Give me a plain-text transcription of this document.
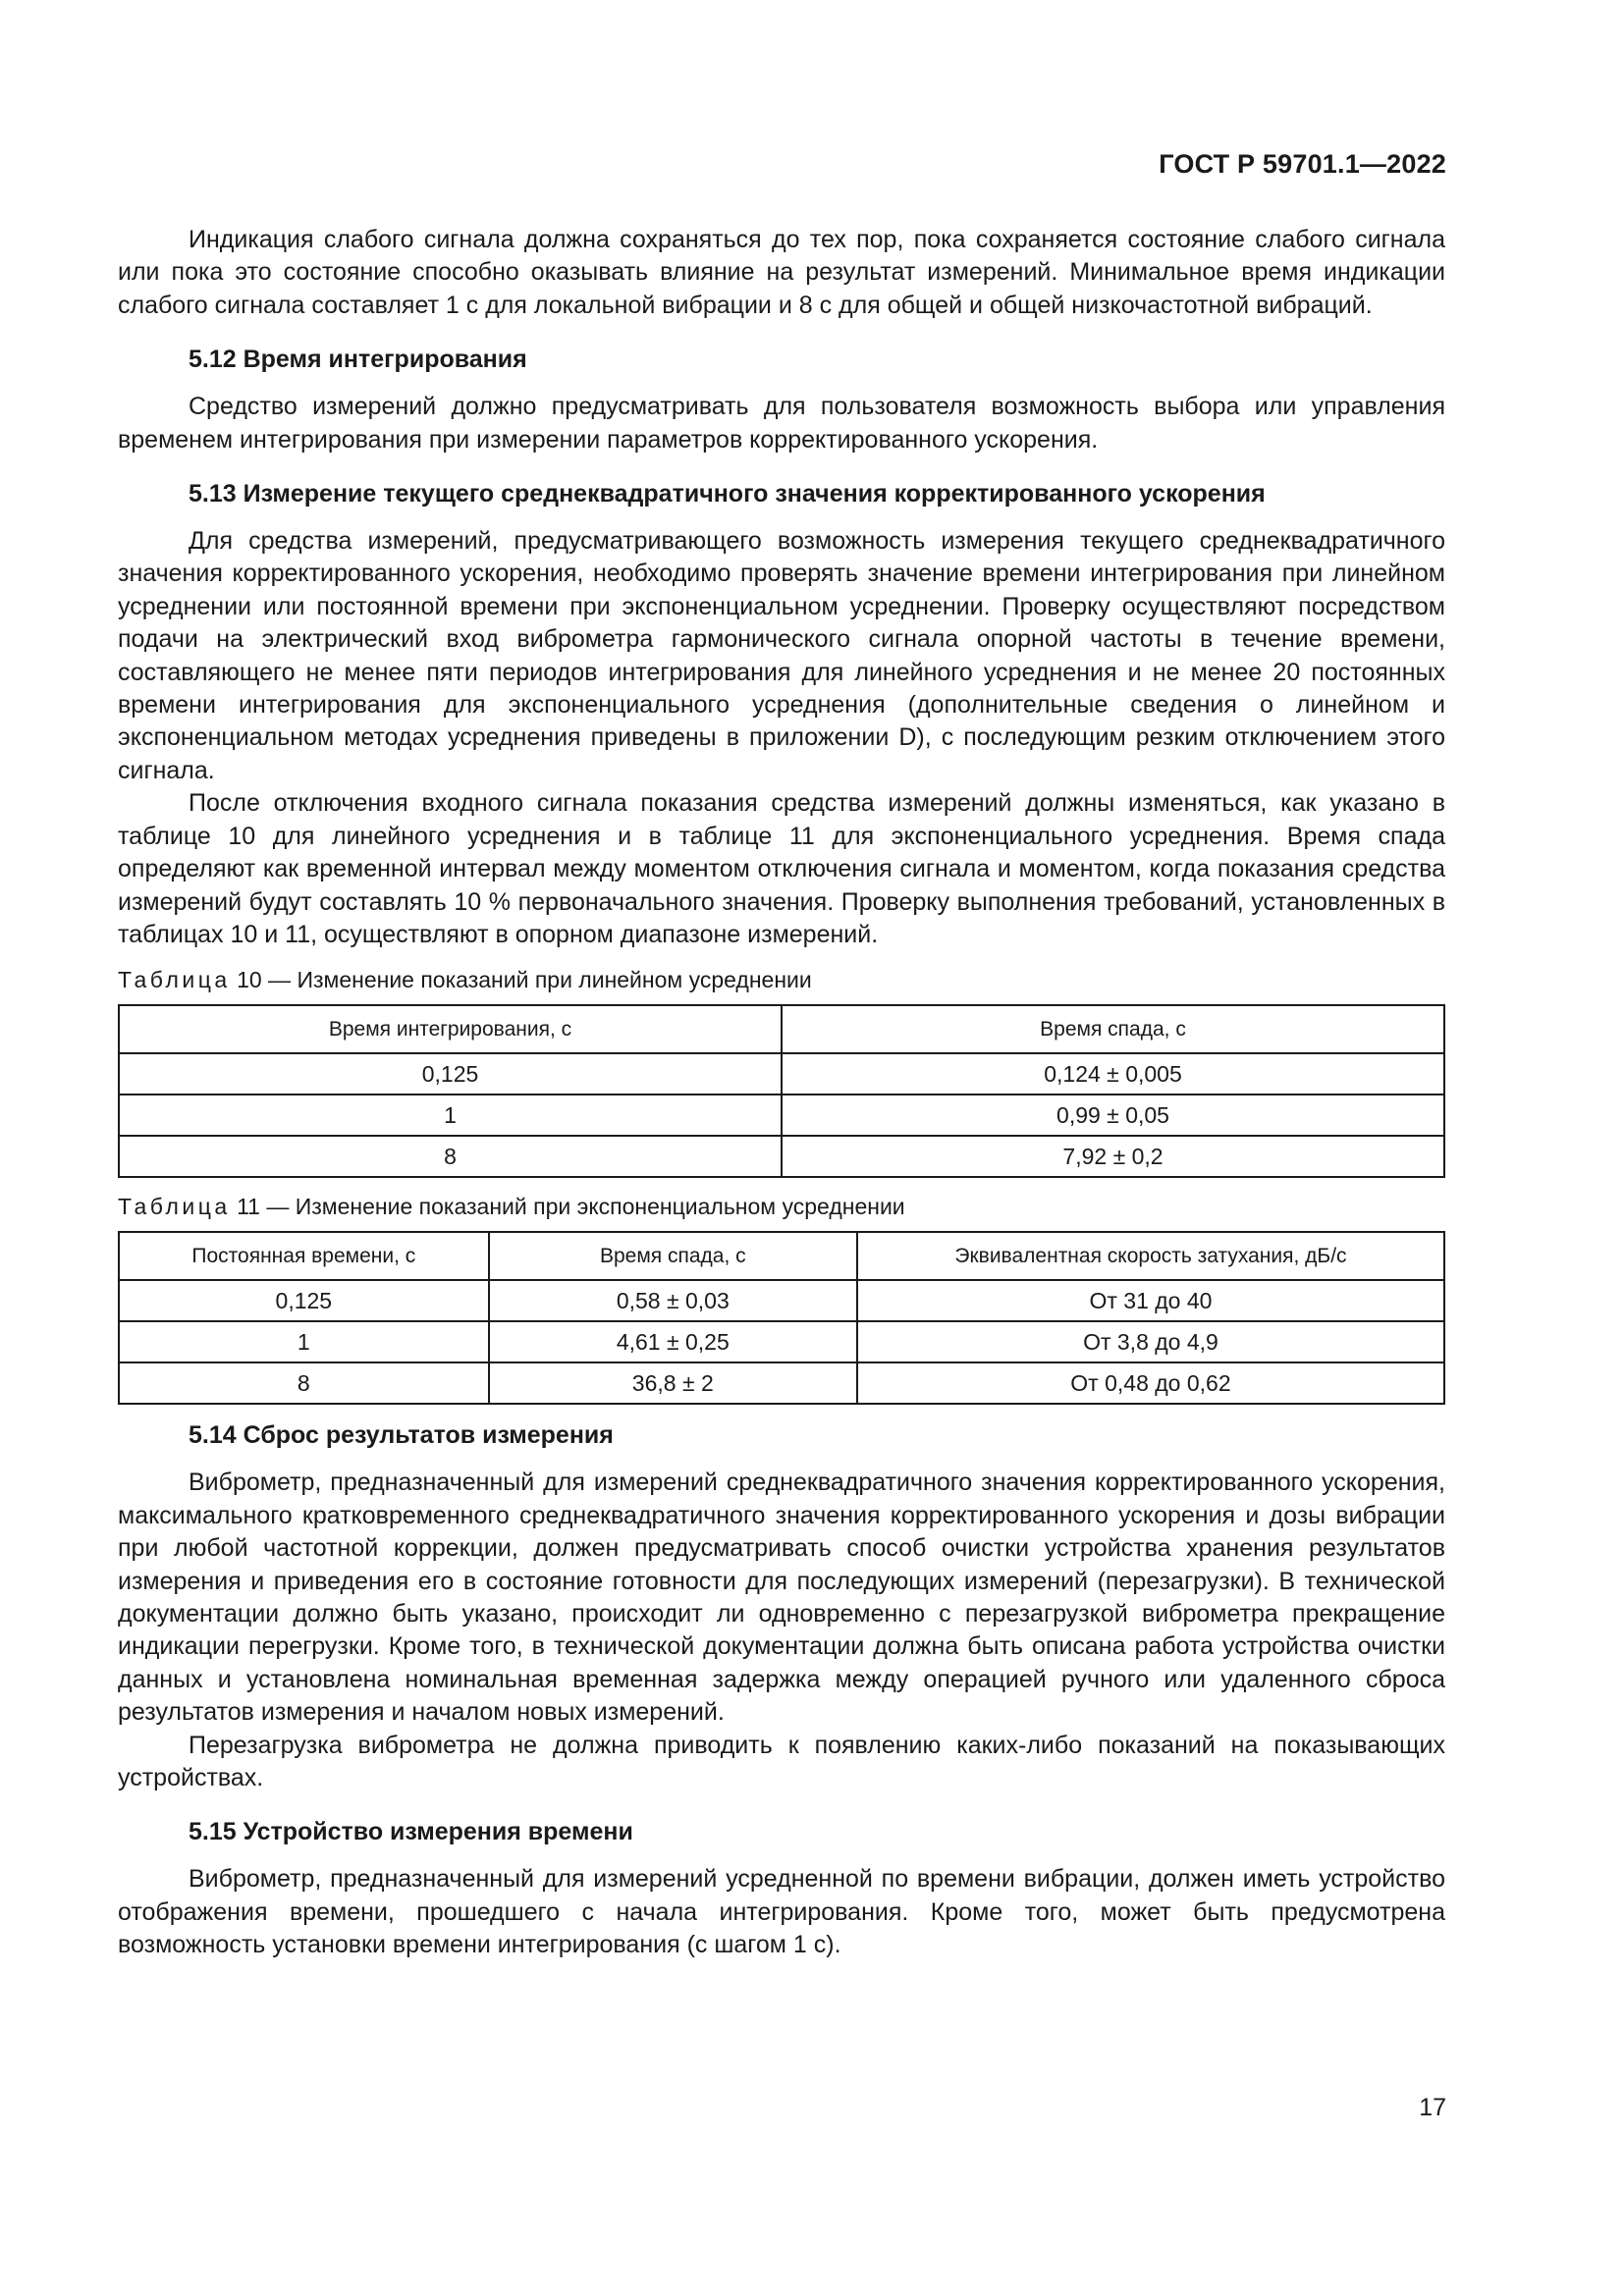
ГОСТ Р 59701.1—2022

Индикация слабого сигнала должна сохраняться до тех пор, пока сохраняется состояние слабого сигнала или пока это состояние способно оказывать влияние на результат измерений. Минимальное время индикации слабого сигнала составляет 1 с для локальной вибрации и 8 с для общей и общей низкочастотной вибраций.

5.12 Время интегрирования

Средство измерений должно предусматривать для пользователя возможность выбора или управления временем интегрирования при измерении параметров корректированного ускорения.

5.13 Измерение текущего среднеквадратичного значения корректированного ускорения

Для средства измерений, предусматривающего возможность измерения текущего среднеквадратичного значения корректированного ускорения, необходимо проверять значение времени интегрирования при линейном усреднении или постоянной времени при экспоненциальном усреднении. Проверку осуществляют посредством подачи на электрический вход виброметра гармонического сигнала опорной частоты в течение времени, составляющего не менее пяти периодов интегрирования для линейного усреднения и не менее 20 постоянных времени интегрирования для экспоненциального усреднения (дополнительные сведения о линейном и экспоненциальном методах усреднения приведены в приложении D), с последующим резким отключением этого сигнала.

После отключения входного сигнала показания средства измерений должны изменяться, как указано в таблице 10 для линейного усреднения и в таблице 11 для экспоненциального усреднения. Время спада определяют как временной интервал между моментом отключения сигнала и моментом, когда показания средства измерений будут составлять 10 % первоначального значения. Проверку выполнения требований, установленных в таблицах 10 и 11, осуществляют в опорном диапазоне измерений.

Таблица 10 — Изменение показаний при линейном усреднении
Время интегрирования, с	Время спада, с
0,125	0,124 ± 0,005
1	0,99 ± 0,05
8	7,92 ± 0,2
Таблица 11 — Изменение показаний при экспоненциальном усреднении
Постоянная времени, с	Время спада, с	Эквивалентная скорость затухания, дБ/с
0,125	0,58 ± 0,03	От 31 до 40
1	4,61 ± 0,25	От 3,8 до 4,9
8	36,8 ± 2	От 0,48 до 0,62
5.14 Сброс результатов измерения

Виброметр, предназначенный для измерений среднеквадратичного значения корректированного ускорения, максимального кратковременного среднеквадратичного значения корректированного ускорения и дозы вибрации при любой частотной коррекции, должен предусматривать способ очистки устройства хранения результатов измерения и приведения его в состояние готовности для последующих измерений (перезагрузки). В технической документации должно быть указано, происходит ли одновременно с перезагрузкой виброметра прекращение индикации перегрузки. Кроме того, в технической документации должна быть описана работа устройства очистки данных и установлена номинальная временная задержка между операцией ручного или удаленного сброса результатов измерения и началом новых измерений.

Перезагрузка виброметра не должна приводить к появлению каких-либо показаний на показывающих устройствах.

5.15 Устройство измерения времени

Виброметр, предназначенный для измерений усредненной по времени вибрации, должен иметь устройство отображения времени, прошедшего с начала интегрирования. Кроме того, может быть предусмотрена возможность установки времени интегрирования (с шагом 1 с).

17
